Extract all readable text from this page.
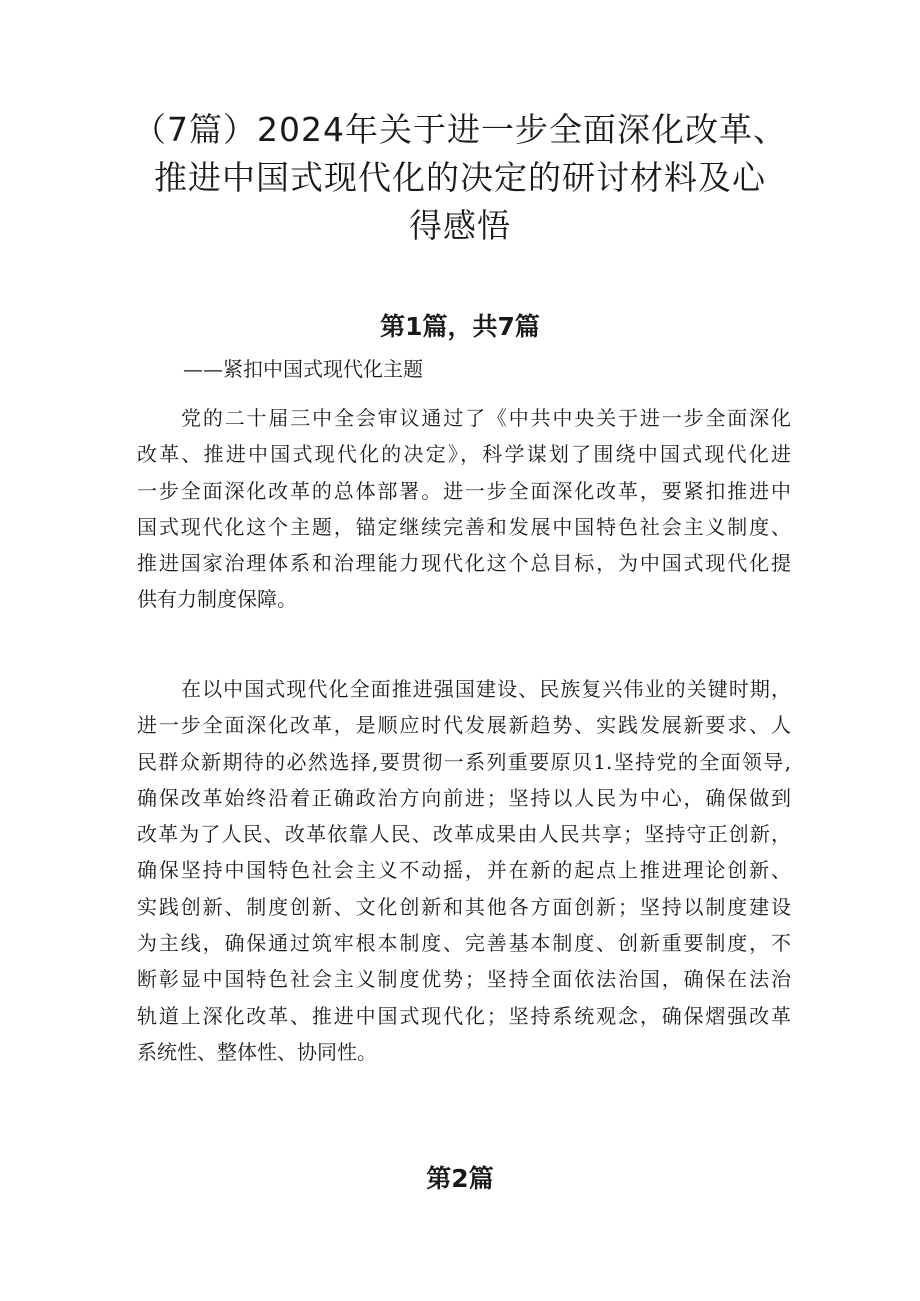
（7篇）2024年关于进一步全面深化改革、
推进中国式现代化的决定的研讨材料及心
得感悟
第1篇，共7篇

——紧扣中国式现代化主题

党的二十届三中全会审议通过了《中共中央关于进一步全面深化
改革、推进中国式现代化的决定》，科学谋划了围绕中国式现代化进
一步全面深化改革的总体部署。进一步全面深化改革，要紧扣推进中
国式现代化这个主题，锚定继续完善和发展中国特色社会主义制度、
推进国家治理体系和治理能力现代化这个总目标，为中国式现代化提
供有力制度保障。

在以中国式现代化全面推进强国建设、民族复兴伟业的关键时期，
进一步全面深化改革，是顺应时代发展新趋势、实践发展新要求、人
民群众新期待的必然选择,要贯彻一系列重要原贝1.坚持党的全面领导,
确保改革始终沿着正确政治方向前进；坚持以人民为中心，确保做到
改革为了人民、改革依靠人民、改革成果由人民共享；坚持守正创新，
确保坚持中国特色社会主义不动摇，并在新的起点上推进理论创新、
实践创新、制度创新、文化创新和其他各方面创新；坚持以制度建设
为主线，确保通过筑牢根本制度、完善基本制度、创新重要制度，不
断彰显中国特色社会主义制度优势；坚持全面依法治国，确保在法治
轨道上深化改革、推进中国式现代化；坚持系统观念，确保熠强改革
系统性、整体性、协同性。

第2篇
